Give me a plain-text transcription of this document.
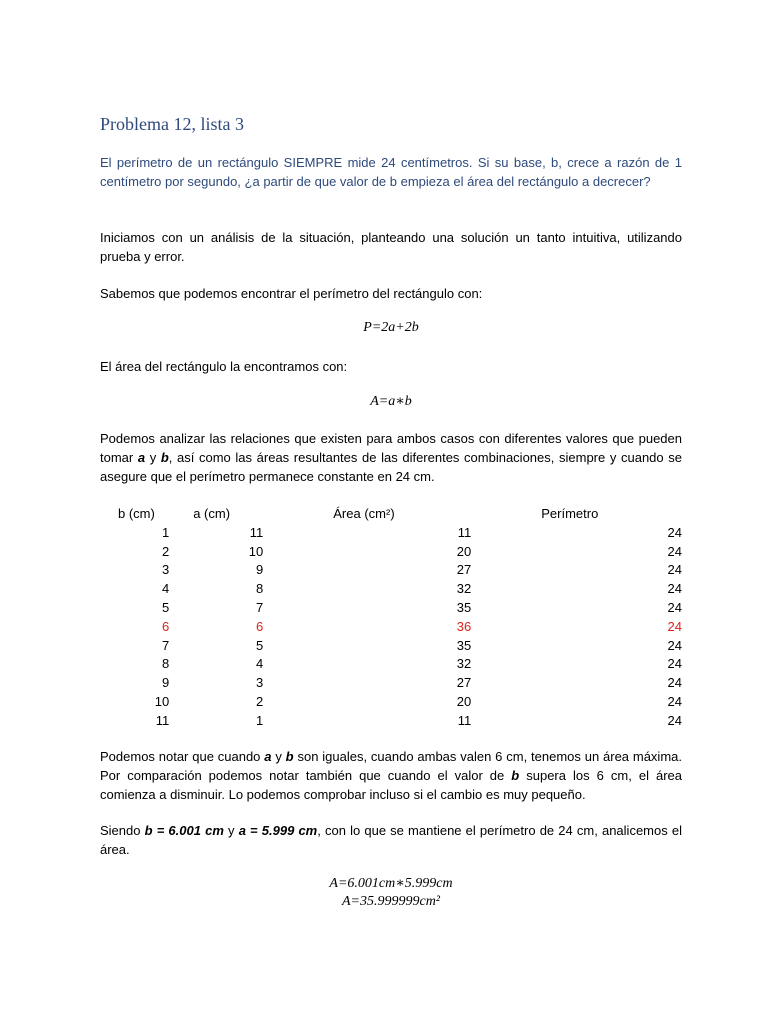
Problema 12, lista 3

El perímetro de un rectángulo SIEMPRE mide 24 centímetros. Si su base, b, crece a razón de 1 centímetro por segundo, ¿a partir de que valor de b empieza el área del rectángulo a decrecer?

Iniciamos con un análisis de la situación, planteando una solución un tanto intuitiva, utilizando prueba y error.

Sabemos que podemos encontrar el perímetro del rectángulo con:

P=2a+2b

El área del rectángulo la encontramos con:

A=a∗b

Podemos analizar las relaciones que existen para ambos casos con diferentes valores que pueden tomar a y b, así como las áreas resultantes de las diferentes combinaciones, siempre y cuando se asegure que el perímetro permanece constante en 24 cm.

b (cm)	a (cm)	Área (cm²)	Perímetro
1	11	11	24
2	10	20	24
3	9	27	24
4	8	32	24
5	7	35	24
6	6	36	24
7	5	35	24
8	4	32	24
9	3	27	24
10	2	20	24
11	1	11	24

Podemos notar que cuando a y b son iguales, cuando ambas valen 6 cm, tenemos un área máxima. Por comparación podemos notar también que cuando el valor de b supera los 6 cm, el área comienza a disminuir. Lo podemos comprobar incluso si el cambio es muy pequeño.

Siendo b = 6.001 cm y a = 5.999 cm, con lo que se mantiene el perímetro de 24 cm, analicemos el área.

A=6.001cm∗5.999cm
A=35.999999cm²
